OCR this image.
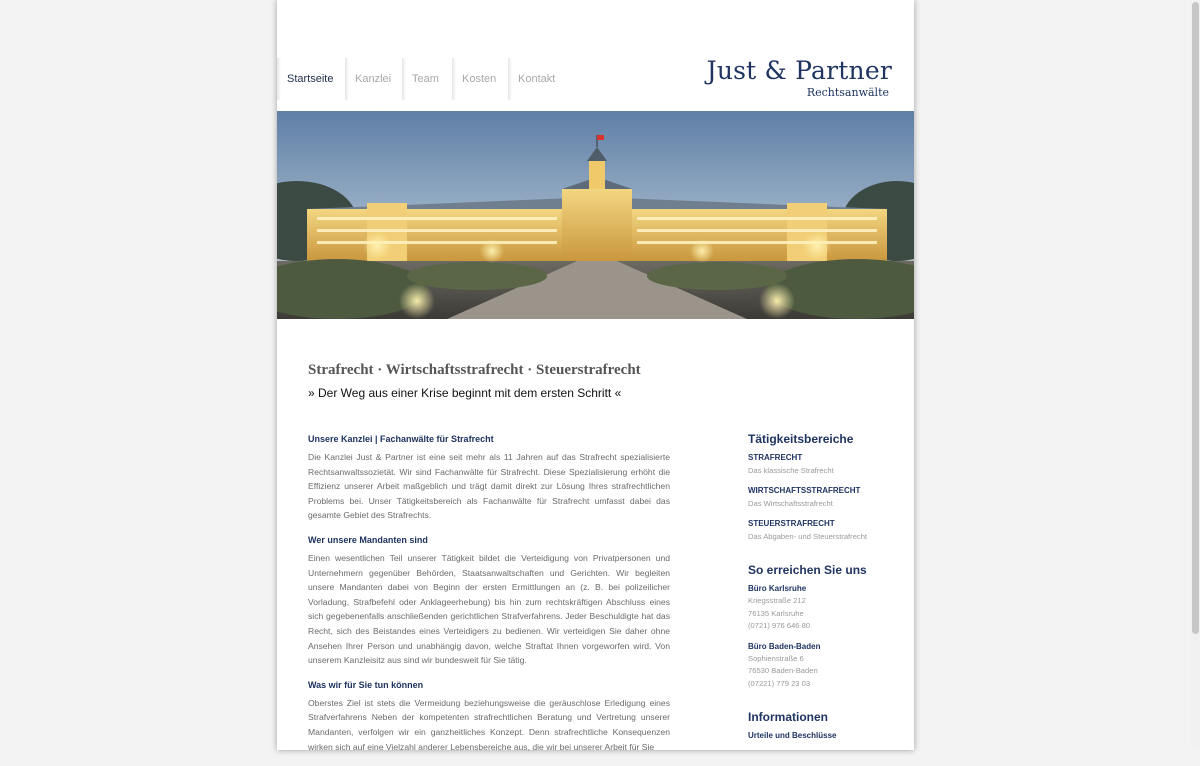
Startseite	Kanzlei	Team	Kosten	Kontakt	Just & Partner
Rechtsanwälte
Strafrecht · Wirtschaftsstrafrecht · Steuerstrafrecht
» Der Weg aus einer Krise beginnt mit dem ersten Schritt «
Unsere Kanzlei | Fachanwälte für Strafrecht

Die Kanzlei Just & Partner ist eine seit mehr als 11 Jahren auf das Strafrecht spezialisierte Rechtsanwaltssozietät. Wir sind Fachanwälte für Strafrecht. Diese Spezialisierung erhöht die Effizienz unserer Arbeit maßgeblich und trägt damit direkt zur Lösung Ihres strafrechtlichen Problems bei. Unser Tätigkeitsbereich als Fachanwälte für Strafrecht umfasst dabei das gesamte Gebiet des Strafrechts.

Wer unsere Mandanten sind

Einen wesentlichen Teil unserer Tätigkeit bildet die Verteidigung von Privatpersonen und Unternehmern gegenüber Behörden, Staatsanwaltschaften und Gerichten. Wir begleiten unsere Mandanten dabei von Beginn der ersten Ermittlungen an (z. B. bei polizeilicher Vorladung, Strafbefehl oder Anklageerhebung) bis hin zum rechtskräftigen Abschluss eines sich gegebenenfalls anschließenden gerichtlichen Strafverfahrens. Jeder Beschuldigte hat das Recht, sich des Beistandes eines Verteidigers zu bedienen. Wir verteidigen Sie daher ohne Ansehen Ihrer Person und unabhängig davon, welche Straftat Ihnen vorgeworfen wird. Von unserem Kanzleisitz aus sind wir bundesweit für Sie tätig.

Was wir für Sie tun können

Oberstes Ziel ist stets die Vermeidung beziehungsweise die geräuschlose Erledigung eines Strafverfahrens Neben der kompetenten strafrechtlichen Beratung und Vertretung unserer Mandanten, verfolgen wir ein ganzheitliches Konzept. Denn strafrechtliche Konsequenzen wirken sich auf eine Vielzahl anderer Lebensbereiche aus, die wir bei unserer Arbeit für Sie

Tätigkeitsbereiche
STRAFRECHT
Das klassische Strafrecht
WIRTSCHAFTSSTRAFRECHT
Das Wirtschaftsstrafrecht
STEUERSTRAFRECHT
Das Abgaben- und Steuerstrafrecht
So erreichen Sie uns
Büro Karlsruhe
Kriegsstraße 212
76135 Karlsruhe
(0721) 976 646 80
Büro Baden-Baden
Sophienstraße 6
76530 Baden-Baden
(07221) 779 23 03
Informationen
Urteile und Beschlüsse
